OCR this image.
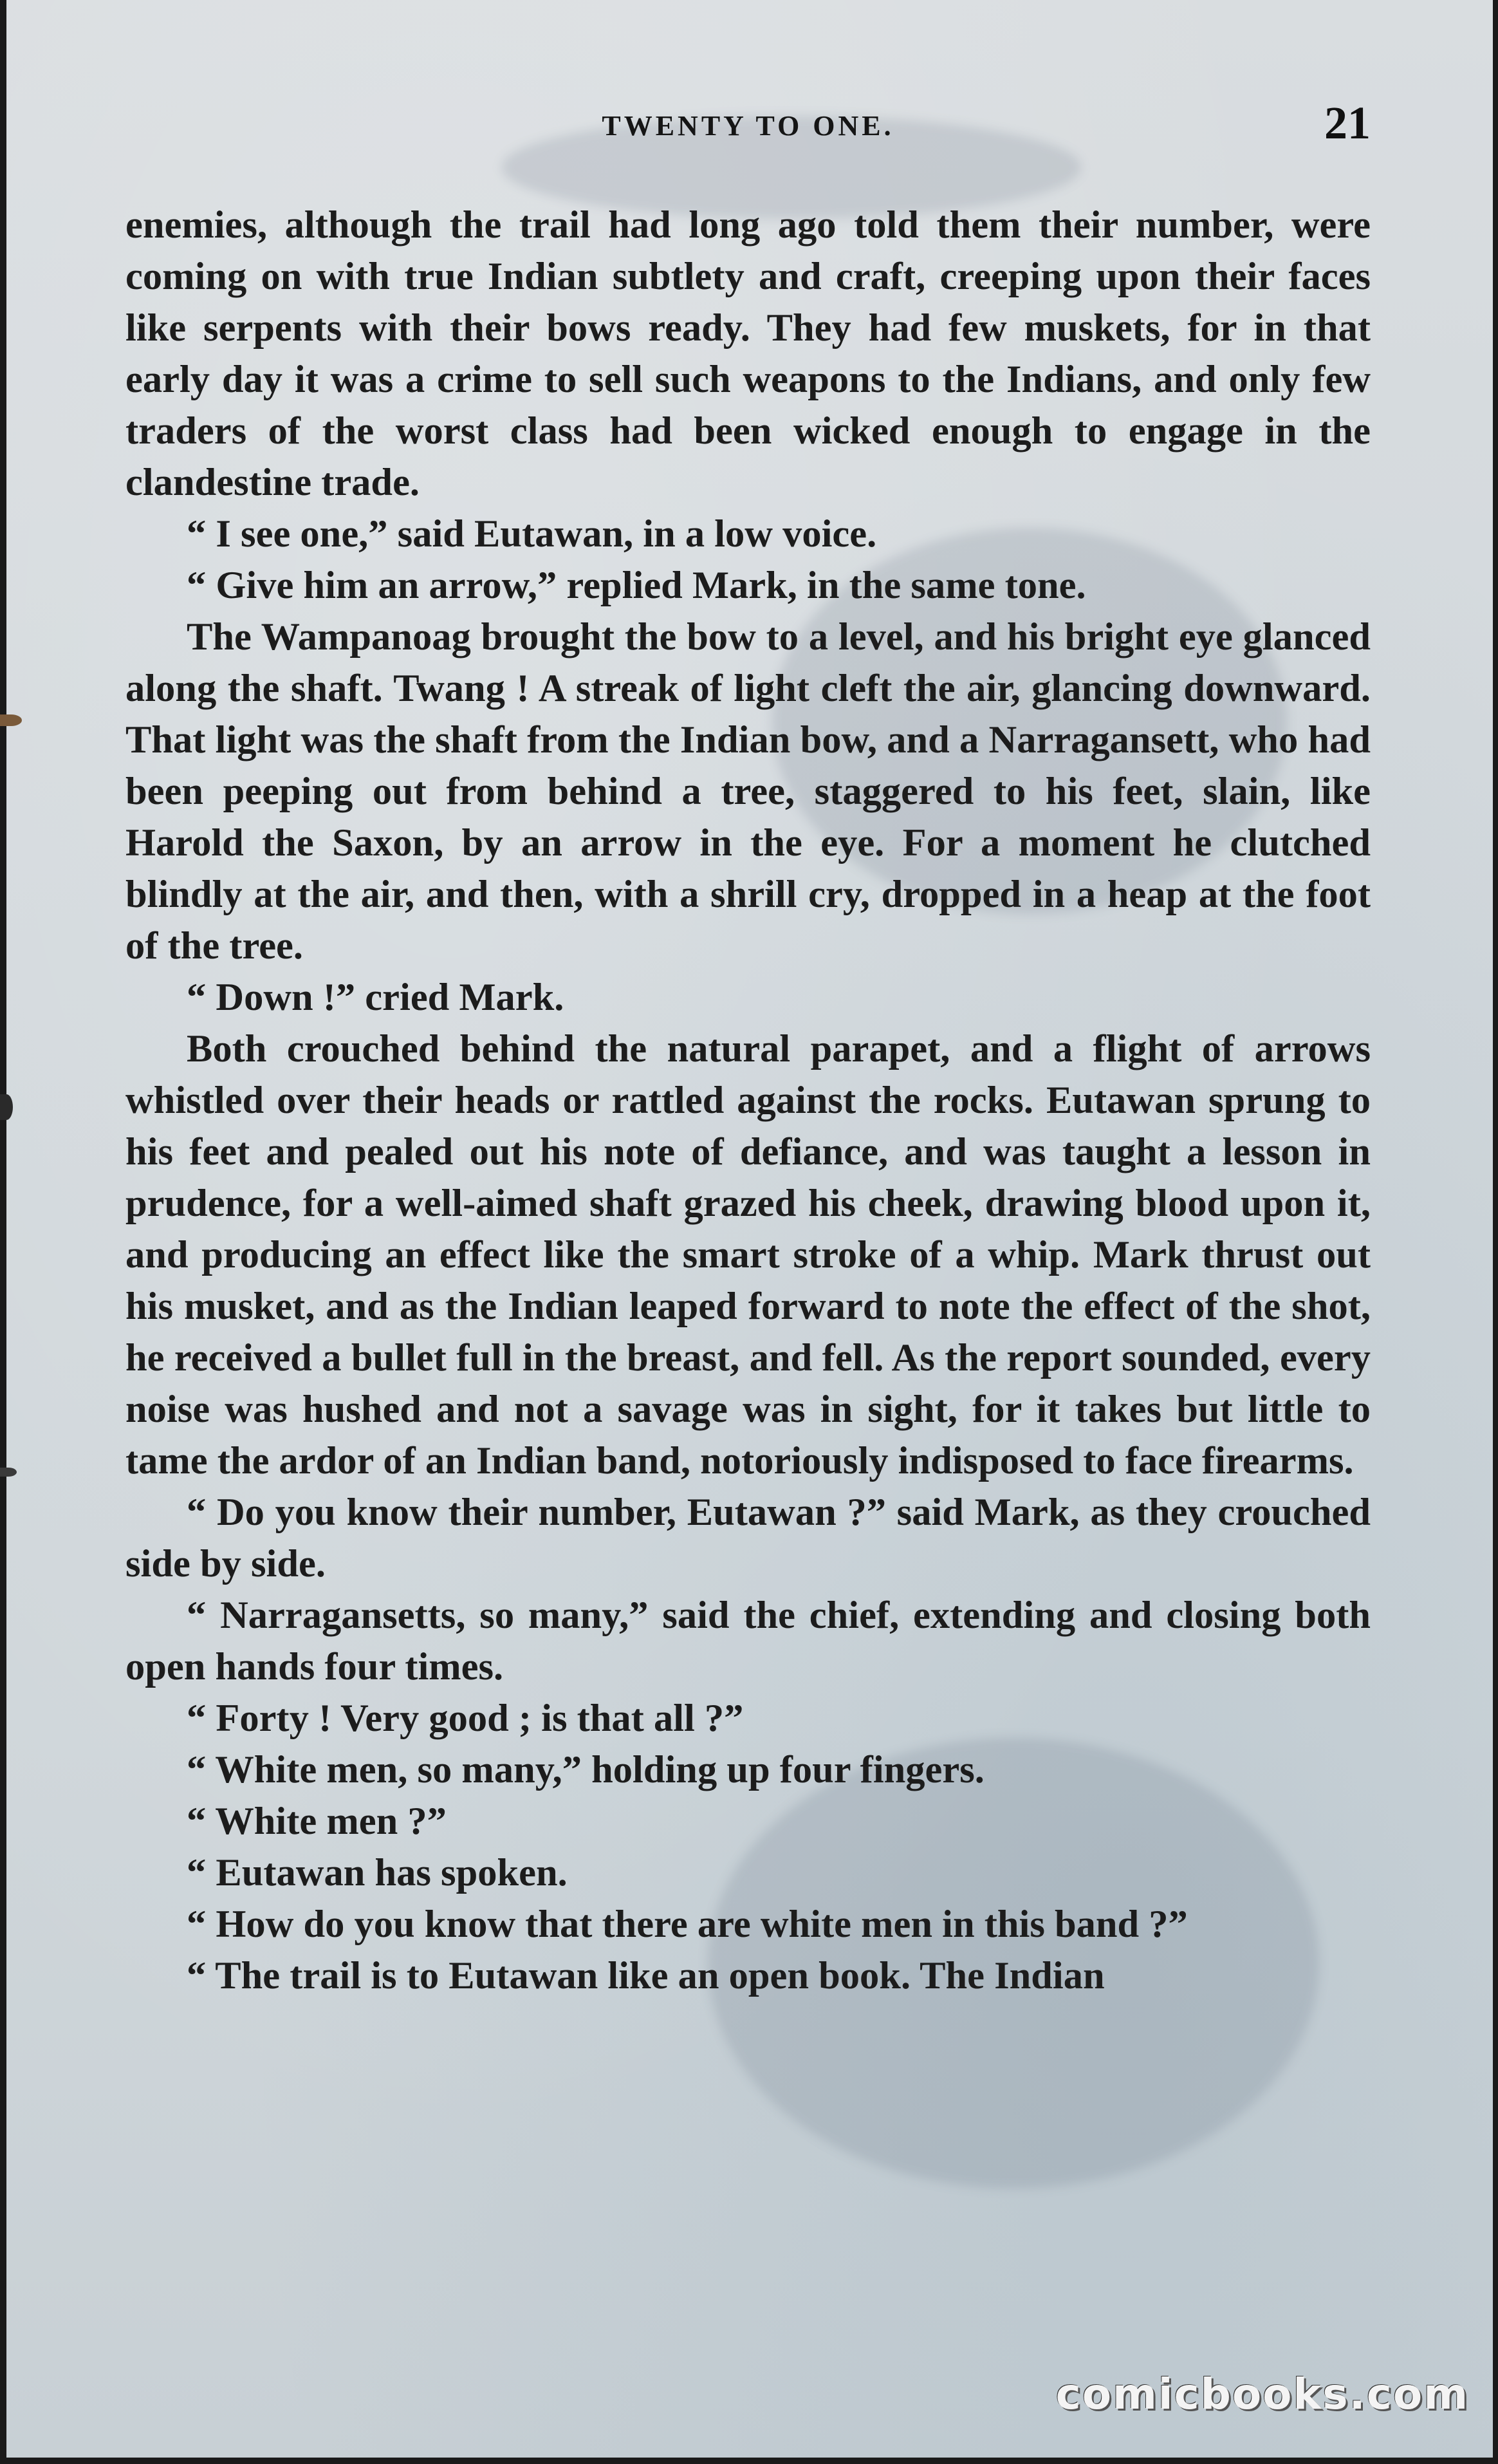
TWENTY TO ONE.	21

enemies, although the trail had long ago told them their number, were coming on with true Indian subtlety and craft, creeping upon their faces like serpents with their bows ready. They had few muskets, for in that early day it was a crime to sell such weapons to the Indians, and only few traders of the worst class had been wicked enough to engage in the clandestine trade.

“ I see one,” said Eutawan, in a low voice.

“ Give him an arrow,” replied Mark, in the same tone.

The Wampanoag brought the bow to a level, and his bright eye glanced along the shaft. Twang ! A streak of light cleft the air, glancing downward. That light was the shaft from the Indian bow, and a Narragansett, who had been peeping out from behind a tree, staggered to his feet, slain, like Harold the Saxon, by an arrow in the eye. For a moment he clutched blindly at the air, and then, with a shrill cry, dropped in a heap at the foot of the tree.

“ Down !” cried Mark.

Both crouched behind the natural parapet, and a flight of arrows whistled over their heads or rattled against the rocks. Eutawan sprung to his feet and pealed out his note of defiance, and was taught a lesson in prudence, for a well-aimed shaft grazed his cheek, drawing blood upon it, and producing an effect like the smart stroke of a whip. Mark thrust out his musket, and as the Indian leaped forward to note the effect of the shot, he received a bullet full in the breast, and fell. As the report sounded, every noise was hushed and not a savage was in sight, for it takes but little to tame the ardor of an Indian band, notoriously indisposed to face firearms.

“ Do you know their number, Eutawan ?” said Mark, as they crouched side by side.

“ Narragansetts, so many,” said the chief, extending and closing both open hands four times.

“ Forty ! Very good ; is that all ?”

“ White men, so many,” holding up four fingers.

“ White men ?”

“ Eutawan has spoken.

“ How do you know that there are white men in this band ?”

“ The trail is to Eutawan like an open book. The Indian

comicbooks.com
